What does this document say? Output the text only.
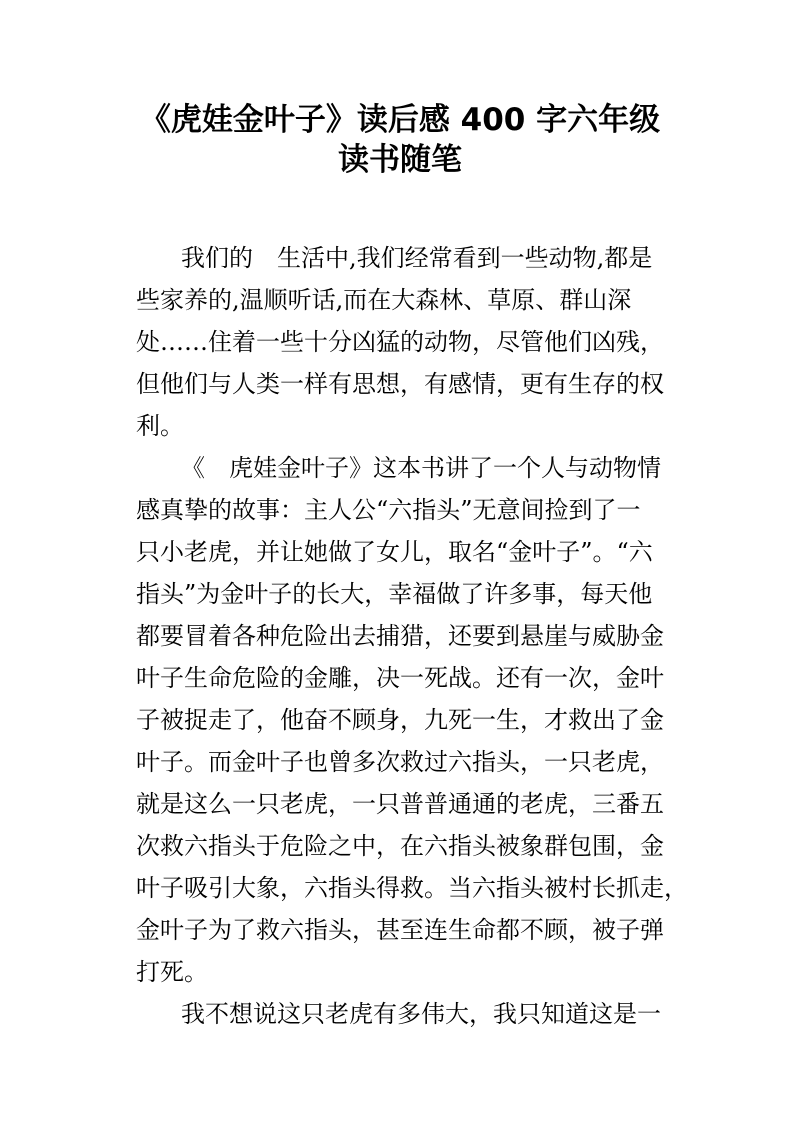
《虎娃金叶子》读后感 400 字六年级
读书随笔

我们的　生活中,我们经常看到一些动物,都是

些家养的,温顺听话,而在大森林、草原、群山深

处……住着一些十分凶猛的动物，尽管他们凶残，

但他们与人类一样有思想，有感情，更有生存的权

利。

《　虎娃金叶子》这本书讲了一个人与动物情

感真挚的故事：主人公“六指头”无意间捡到了一

只小老虎，并让她做了女儿，取名“金叶子”。“六

指头”为金叶子的长大，幸福做了许多事，每天他

都要冒着各种危险出去捕猎，还要到悬崖与威胁金

叶子生命危险的金雕，决一死战。还有一次，金叶

子被捉走了，他奋不顾身，九死一生，才救出了金

叶子。而金叶子也曾多次救过六指头，一只老虎，

就是这么一只老虎，一只普普通通的老虎，三番五

次救六指头于危险之中，在六指头被象群包围，金

叶子吸引大象，六指头得救。当六指头被村长抓走，

金叶子为了救六指头，甚至连生命都不顾，被子弹

打死。

我不想说这只老虎有多伟大，我只知道这是一
